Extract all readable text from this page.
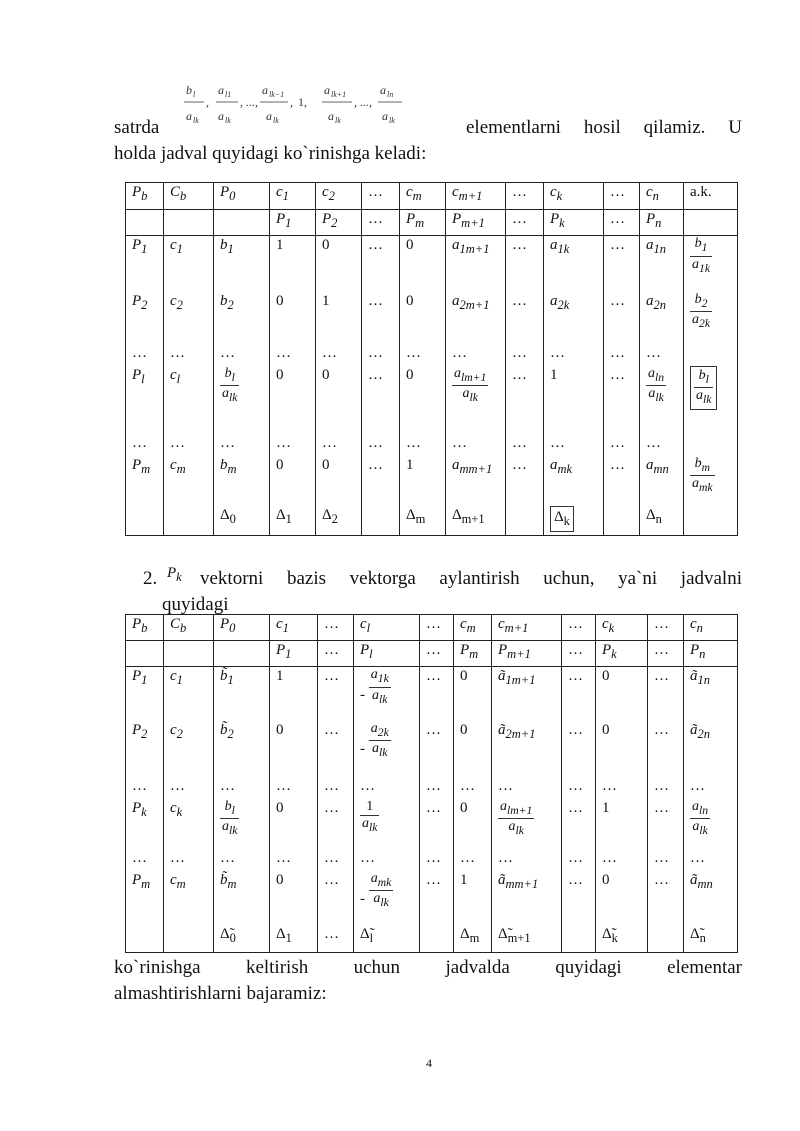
b l
a lk
,
a l1
a lk
, ...,
a lk−1
a lk
, 1,
a lk+1
a lk
, ...,
a ln
a lk
satrda	elementlarni hosil qilamiz. U
holda jadval quyidagi ko`rinishga keladi:
$P_b$	$C_b$	$P_0$	$c_1$	$c_2$	…	$c_m$	$c_{m+1}$	…	$c_k$	…	$c_n$	a.k.
			$P_1$	$P_2$	…	$P_m$	$P_{m+1}$	…	$P_k$	…	$P_n$	
$P_1$	$c_1$	$b_1$	1	0	…	0	$a_{1m+1}$	…	$a_{1k}$	…	$a_{1n}$	$\frac{b_1}{a_{1k}}$

$P_2$	$c_2$	$b_2$	0	1	…	0	$a_{2m+1}$	…	$a_{2k}$	…	$a_{2n}$	$\frac{b_2}{a_{2k}}$

…	…	…	…	…	…	…	…	…	…	…	…	
$P_l$	$c_l$	$\frac{b_l}{a_{lk}}$	0	0	…	0	$\frac{a_{lm+1}}{a_{lk}}$	…	1	…	$\frac{a_{ln}}{a_{lk}}$	$\frac{b_l}{a_{lk}}$

…	…	…	…	…	…	…	…	…	…	…	…	
$P_m$	$c_m$	$b_m$	0	0	…	1	$a_{mm+1}$	…	$a_{mk}$	…	$a_{mn}$	$\frac{b_m}{a_{mk}}$

		$\Delta_0$	$\Delta_1$	$\Delta_2$		$\Delta_m$	$\Delta_{m+1}$		$\Delta_k$		$\Delta_n$	
2. $P_k$ vektorni bazis vektorga aylantirish uchun, ya`ni jadvalni
quyidagi
$P_b$	$C_b$	$P_0$	$c_1$	…	$c_l$	…	$c_m$	$c_{m+1}$	…	$c_k$	…	$c_n$
			$P_1$	…	$P_l$	…	$P_m$	$P_{m+1}$	…	$P_k$	…	$P_n$
$P_1$	$c_1$	$b̃_1$	1	…	- $\frac{a_{1k}}{a_{lk}}$	…	0	$ã_{1m+1}$	…	0	…	$ã_{1n}$
$P_2$	$c_2$	$b̃_2$	0	…	- $\frac{a_{2k}}{a_{lk}}$	…	0	$ã_{2m+1}$	…	0	…	$ã_{2n}$
…	…	…	…	…	…	…	…	…	…	…	…	…
$P_k$	$c_k$	$\frac{b_l}{a_{lk}}$	0	…	$\frac{1}{a_{lk}}$	…	0	$\frac{a_{lm+1}}{a_{lk}}$	…	1	…	$\frac{a_{ln}}{a_{lk}}$

…	…	…	…	…	…	…	…	…	…	…	…	…
$P_m$	$c_m$	$b̃_m$	0	…	- $\frac{a_{mk}}{a_{lk}}$	…	1	$ã_{mm+1}$	…	0	…	$ã_{mn}$
		$\Deltã_0$	$\Delta_1$	…	$\Deltã_l$		$\Delta_m$	$\Deltã_{m+1}$		$\Deltã_k$		$\Deltã_n$
ko`rinishga keltirish uchun jadvalda quyidagi elementar
almashtirishlarni bajaramiz:
4
